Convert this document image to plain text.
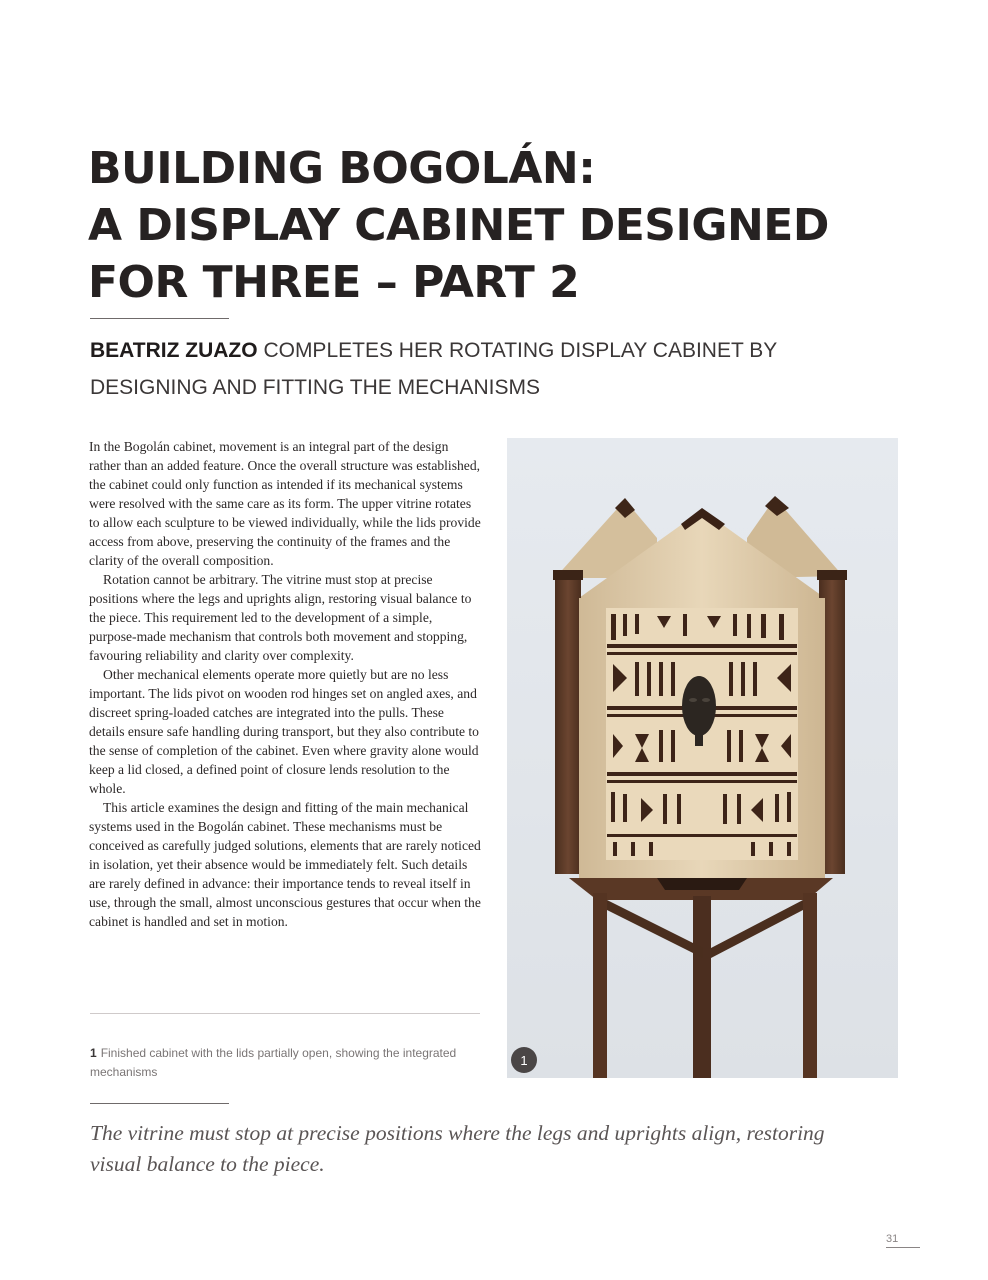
BUILDING BOGOLÁN:
A DISPLAY CABINET DESIGNED
FOR THREE – PART 2
BEATRIZ ZUAZO COMPLETES HER ROTATING DISPLAY CABINET BY DESIGNING AND FITTING THE MECHANISMS

In the Bogolán cabinet, movement is an integral part of the design rather than an added feature. Once the overall structure was established, the cabinet could only function as intended if its mechanical systems were resolved with the same care as its form. The upper vitrine rotates to allow each sculpture to be viewed individually, while the lids provide access from above, preserving the continuity of the frames and the clarity of the overall composition.

Rotation cannot be arbitrary. The vitrine must stop at precise positions where the legs and uprights align, restoring visual balance to the piece. This requirement led to the development of a simple, purpose-made mechanism that controls both movement and stopping, favouring reliability and clarity over complexity.

Other mechanical elements operate more quietly but are no less important. The lids pivot on wooden rod hinges set on angled axes, and discreet spring-loaded catches are integrated into the pulls. These details ensure safe handling during transport, but they also contribute to the sense of completion of the cabinet. Even where gravity alone would keep a lid closed, a defined point of closure lends resolution to the whole.

This article examines the design and fitting of the main mechanical systems used in the Bogolán cabinet. These mechanisms must be conceived as carefully judged solutions, elements that are rarely noticed in isolation, yet their absence would be immediately felt. Such details are rarely defined in advance: their importance tends to reveal itself in use, through the small, almost unconscious gestures that occur when the cabinet is handled and set in motion.

1 Finished cabinet with the lids partially open, showing the integrated mechanisms
1
The vitrine must stop at precise positions where the legs and uprights align, restoring visual balance to the piece.
31
